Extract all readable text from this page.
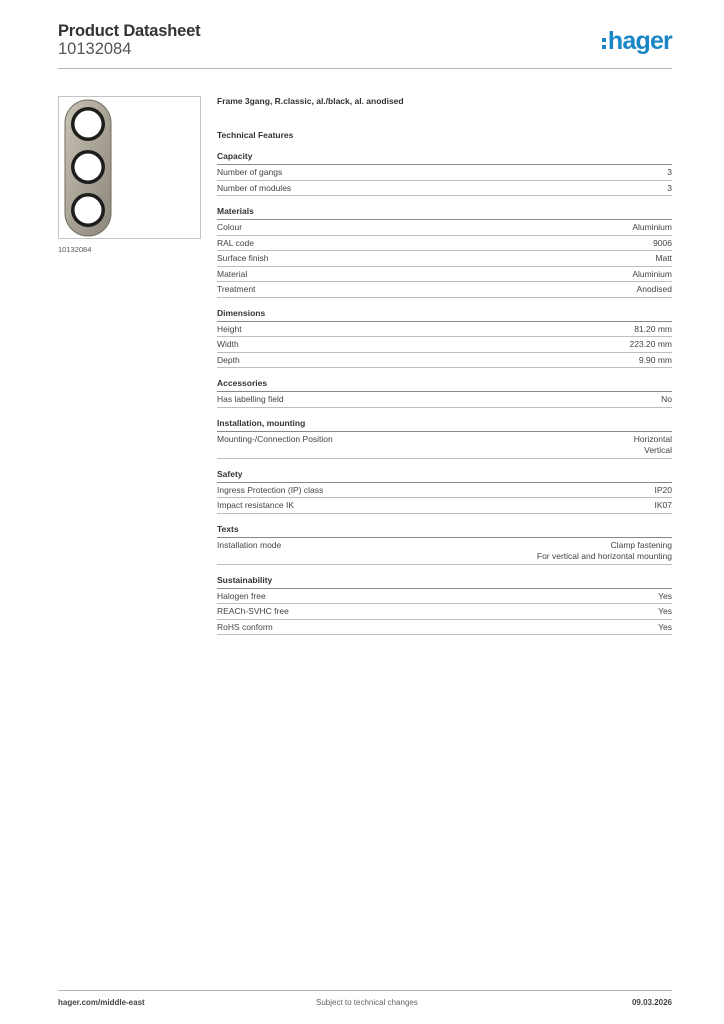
Product Datasheet
10132084	hager
10132084
Frame 3gang, R.classic, al./black, al. anodised
Technical Features
Capacity
Number of gangs	3
Number of modules	3
Materials
Colour	Aluminium
RAL code	9006
Surface finish	Matt
Material	Aluminium
Treatment	Anodised
Dimensions
Height	81.20 mm
Width	223.20 mm
Depth	9.90 mm
Accessories
Has labelling field	No
Installation, mounting
Mounting-/Connection Position	Horizontal
Vertical
Safety
Ingress Protection (IP) class	IP20
Impact resistance IK	IK07
Texts
Installation mode	Clamp fastening
For vertical and horizontal mounting
Sustainability
Halogen free	Yes
REACh-SVHC free	Yes
RoHS conform	Yes
hager.com/middle-east	Subject to technical changes	09.03.2026
